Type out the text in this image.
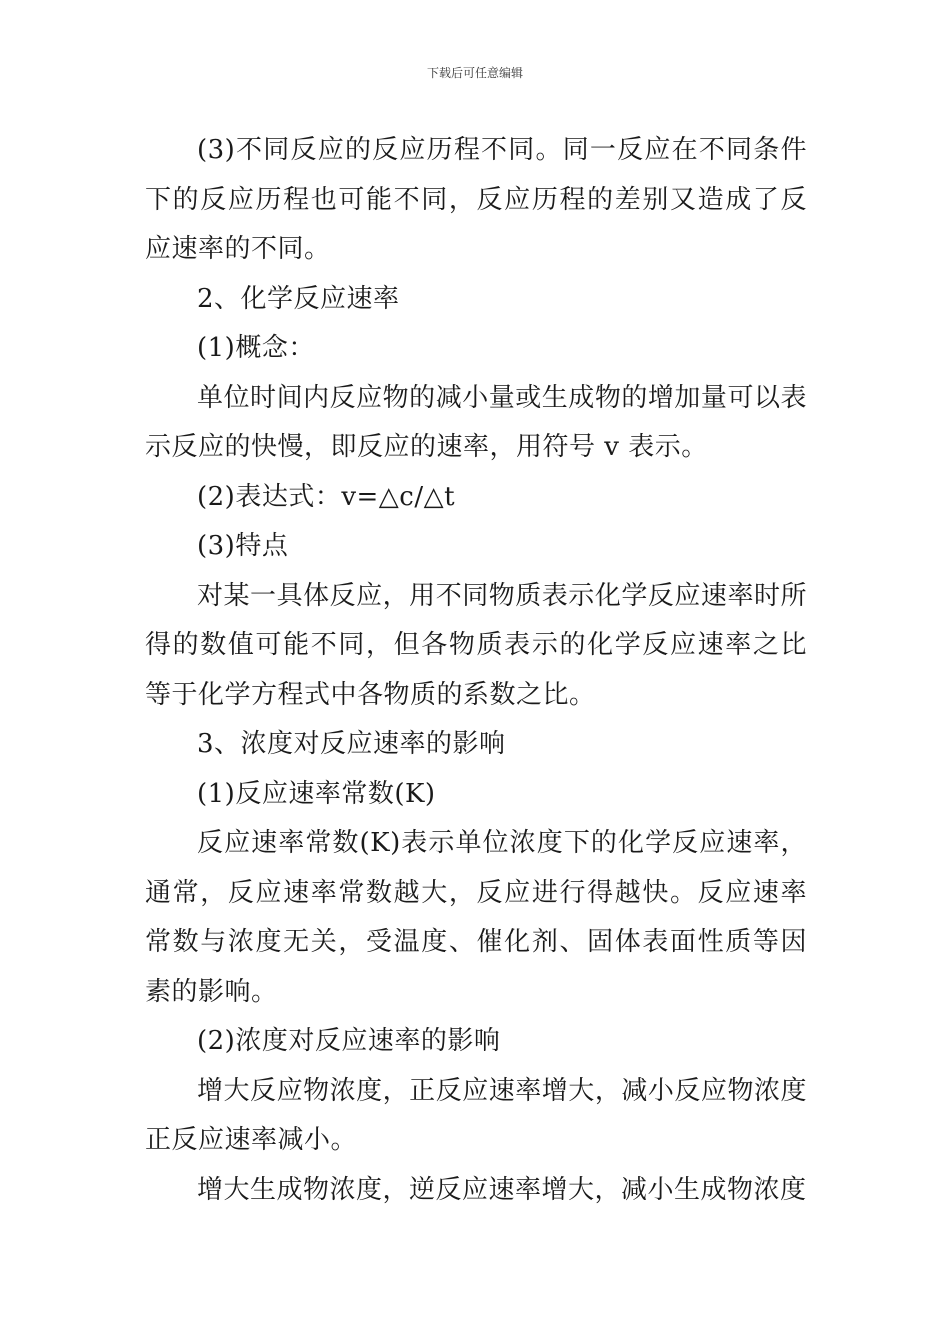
下载后可任意编辑

(3)不同反应的反应历程不同。同一反应在不同条件下的反应历程也可能不同，反应历程的差别又造成了反应速率的不同。

2、化学反应速率

(1)概念：

单位时间内反应物的减小量或生成物的增加量可以表示反应的快慢，即反应的速率，用符号 v 表示。

(2)表达式：v=△c/△t

(3)特点

对某一具体反应，用不同物质表示化学反应速率时所得的数值可能不同，但各物质表示的化学反应速率之比等于化学方程式中各物质的系数之比。

3、浓度对反应速率的影响

(1)反应速率常数(K)

反应速率常数(K)表示单位浓度下的化学反应速率，通常，反应速率常数越大，反应进行得越快。反应速率常数与浓度无关，受温度、催化剂、固体表面性质等因素的影响。

(2)浓度对反应速率的影响

增大反应物浓度，正反应速率增大，减小反应物浓度正反应速率减小。

增大生成物浓度，逆反应速率增大，减小生成物浓度
